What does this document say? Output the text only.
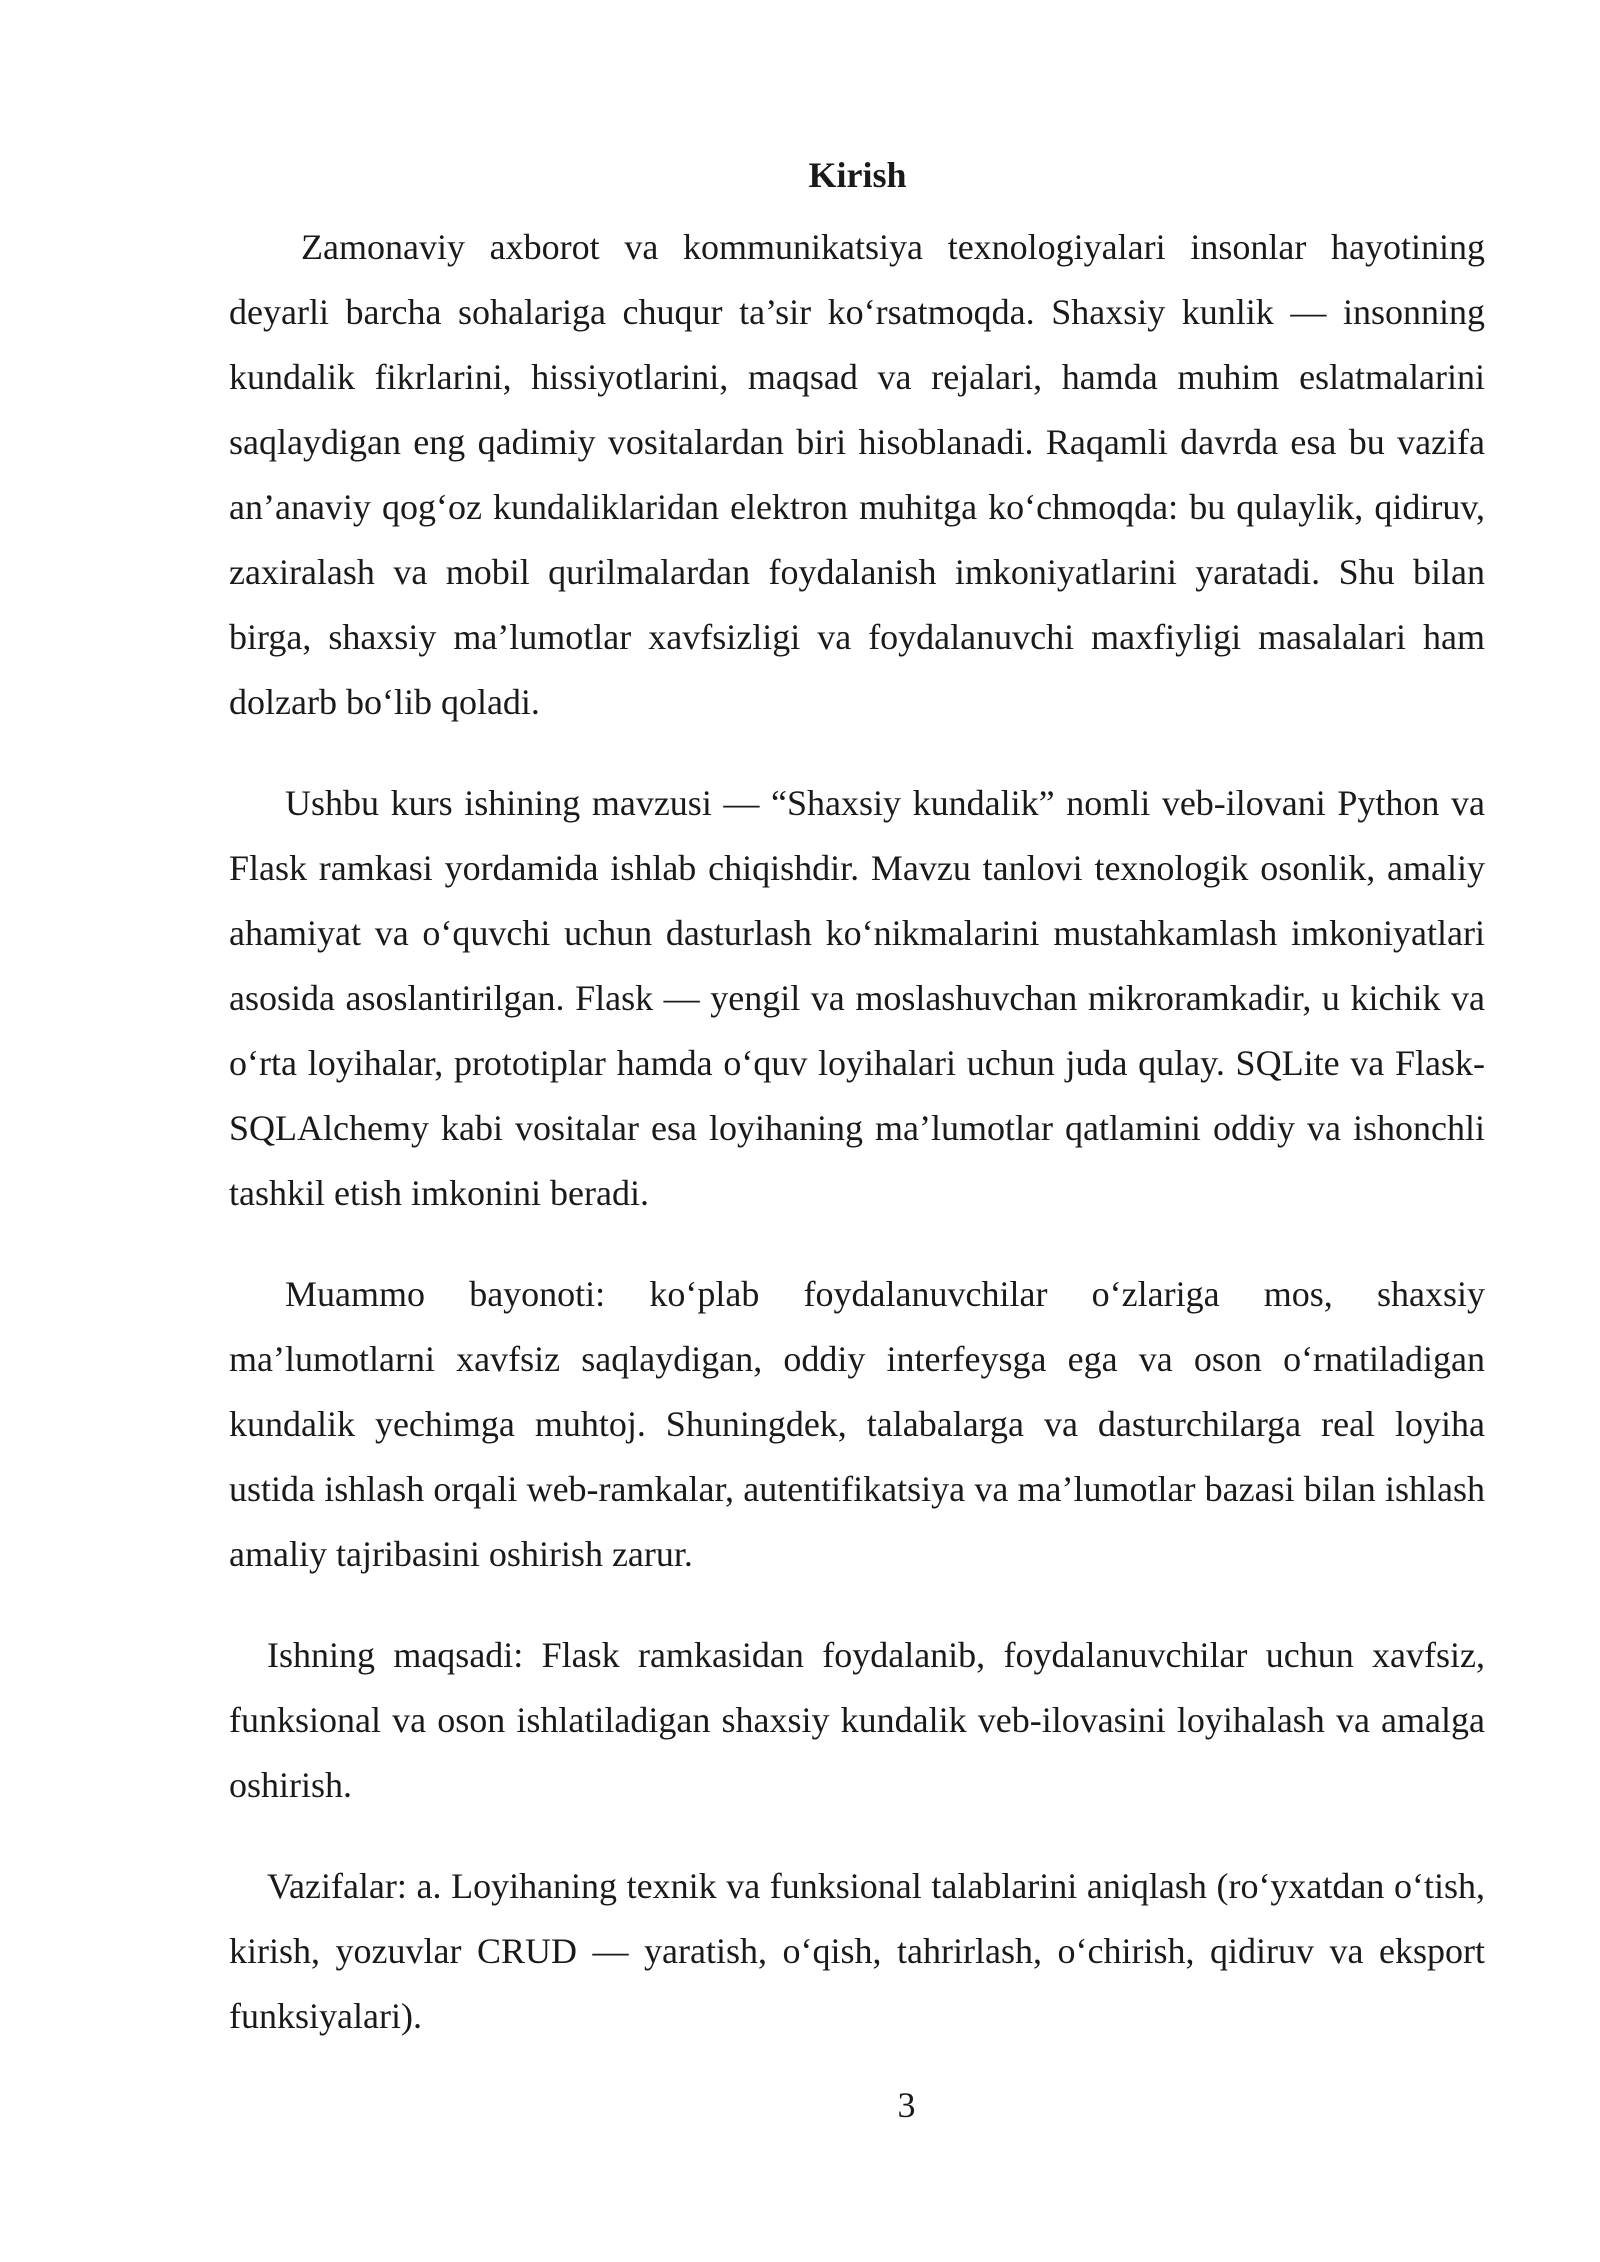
Kirish

Zamonaviy axborot va kommunikatsiya texnologiyalari insonlar hayotining deyarli barcha sohalariga chuqur ta’sir ko‘rsatmoqda. Shaxsiy kunlik — insonning kundalik fikrlarini, hissiyotlarini, maqsad va rejalari, hamda muhim eslatmalarini saqlaydigan eng qadimiy vositalardan biri hisoblanadi. Raqamli davrda esa bu vazifa an’anaviy qog‘oz kundaliklaridan elektron muhitga ko‘chmoqda: bu qulaylik, qidiruv, zaxiralash va mobil qurilmalardan foydalanish imkoniyatlarini yaratadi. Shu bilan birga, shaxsiy ma’lumotlar xavfsizligi va foydalanuvchi maxfiyligi masalalari ham dolzarb bo‘lib qoladi.

Ushbu kurs ishining mavzusi — “Shaxsiy kundalik” nomli veb-ilovani Python va Flask ramkasi yordamida ishlab chiqishdir. Mavzu tanlovi texnologik osonlik, amaliy ahamiyat va o‘quvchi uchun dasturlash ko‘nikmalarini mustahkamlash imkoniyatlari asosida asoslantirilgan. Flask — yengil va moslashuvchan mikroramkadir, u kichik va o‘rta loyihalar, prototiplar hamda o‘quv loyihalari uchun juda qulay. SQLite va Flask-SQLAlchemy kabi vositalar esa loyihaning ma’lumotlar qatlamini oddiy va ishonchli tashkil etish imkonini beradi.

Muammo bayonoti: ko‘plab foydalanuvchilar o‘zlariga mos, shaxsiy ma’lumotlarni xavfsiz saqlaydigan, oddiy interfeysga ega va oson o‘rnatiladigan kundalik yechimga muhtoj. Shuningdek, talabalarga va dasturchilarga real loyiha ustida ishlash orqali web-ramkalar, autentifikatsiya va ma’lumotlar bazasi bilan ishlash amaliy tajribasini oshirish zarur.

Ishning maqsadi: Flask ramkasidan foydalanib, foydalanuvchilar uchun xavfsiz, funksional va oson ishlatiladigan shaxsiy kundalik veb-ilovasini loyihalash va amalga oshirish.

Vazifalar: a. Loyihaning texnik va funksional talablarini aniqlash (ro‘yxatdan o‘tish, kirish, yozuvlar CRUD — yaratish, o‘qish, tahrirlash, o‘chirish, qidiruv va eksport funksiyalari).

3
